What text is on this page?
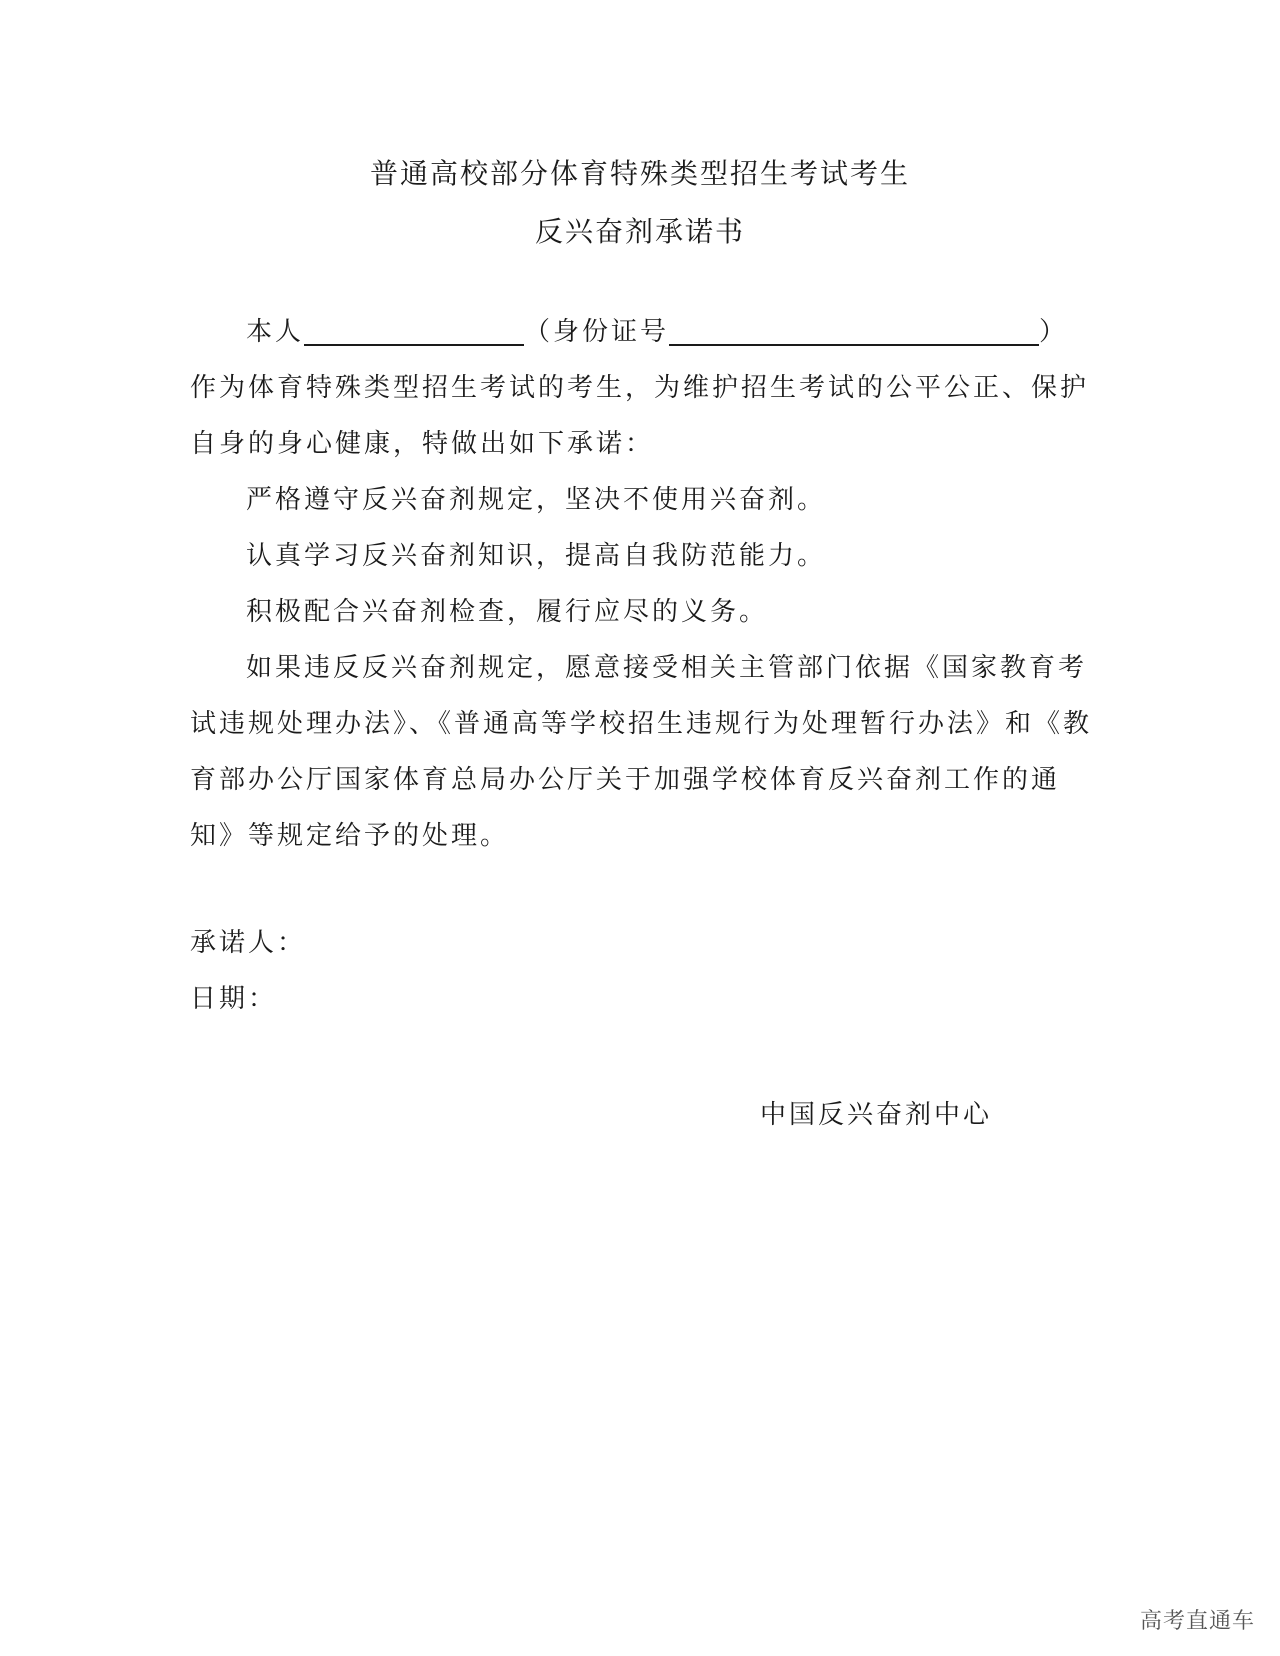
普通高校部分体育特殊类型招生考试考生
反兴奋剂承诺书
本人	（身份证号	）
作为体育特殊类型招生考试的考生，为维护招生考试的公平公正、保护
自身的身心健康，特做出如下承诺：
严格遵守反兴奋剂规定，坚决不使用兴奋剂。
认真学习反兴奋剂知识，提高自我防范能力。
积极配合兴奋剂检查，履行应尽的义务。
如果违反反兴奋剂规定，愿意接受相关主管部门依据《国家教育考
试违规处理办法》、《普通高等学校招生违规行为处理暂行办法》和《教
育部办公厅国家体育总局办公厅关于加强学校体育反兴奋剂工作的通
知》等规定给予的处理。
承诺人：
日期：
中国反兴奋剂中心
高考直通车
